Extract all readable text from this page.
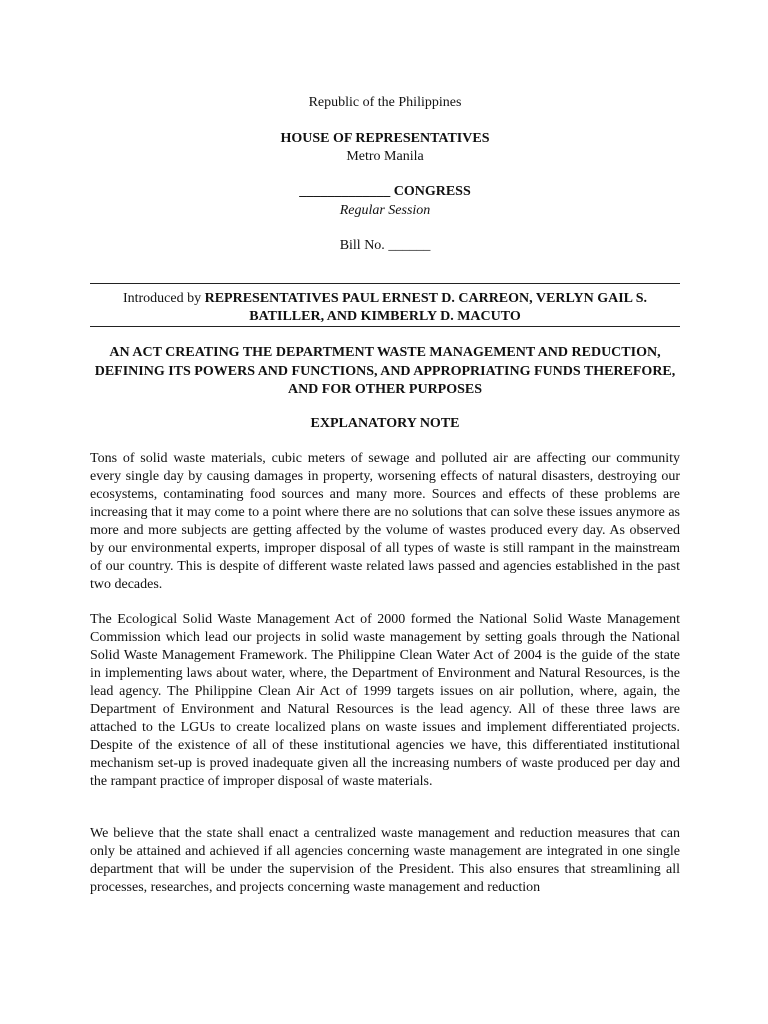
Republic of the Philippines
HOUSE OF REPRESENTATIVES
Metro Manila
_____________ CONGRESS
Regular Session
Bill No. ______
Introduced by REPRESENTATIVES PAUL ERNEST D. CARREON, VERLYN GAIL S. BATILLER, AND KIMBERLY D. MACUTO
AN ACT CREATING THE DEPARTMENT WASTE MANAGEMENT AND REDUCTION, DEFINING ITS POWERS AND FUNCTIONS, AND APPROPRIATING FUNDS THEREFORE, AND FOR OTHER PURPOSES
EXPLANATORY NOTE

Tons of solid waste materials, cubic meters of sewage and polluted air are affecting our community every single day by causing damages in property, worsening effects of natural disasters, destroying our ecosystems, contaminating food sources and many more. Sources and effects of these problems are increasing that it may come to a point where there are no solutions that can solve these issues anymore as more and more subjects are getting affected by the volume of wastes produced every day. As observed by our environmental experts, improper disposal of all types of waste is still rampant in the mainstream of our country. This is despite of different waste related laws passed and agencies established in the past two decades.

The Ecological Solid Waste Management Act of 2000 formed the National Solid Waste Management Commission which lead our projects in solid waste management by setting goals through the National Solid Waste Management Framework. The Philippine Clean Water Act of 2004 is the guide of the state in implementing laws about water, where, the Department of Environment and Natural Resources, is the lead agency. The Philippine Clean Air Act of 1999 targets issues on air pollution, where, again, the Department of Environment and Natural Resources is the lead agency. All of these three laws are attached to the LGUs to create localized plans on waste issues and implement differentiated projects. Despite of the existence of all of these institutional agencies we have, this differentiated institutional mechanism set-up is proved inadequate given all the increasing numbers of waste produced per day and the rampant practice of improper disposal of waste materials.

We believe that the state shall enact a centralized waste management and reduction measures that can only be attained and achieved if all agencies concerning waste management are integrated in one single department that will be under the supervision of the President. This also ensures that streamlining all processes, researches, and projects concerning waste management and reduction
